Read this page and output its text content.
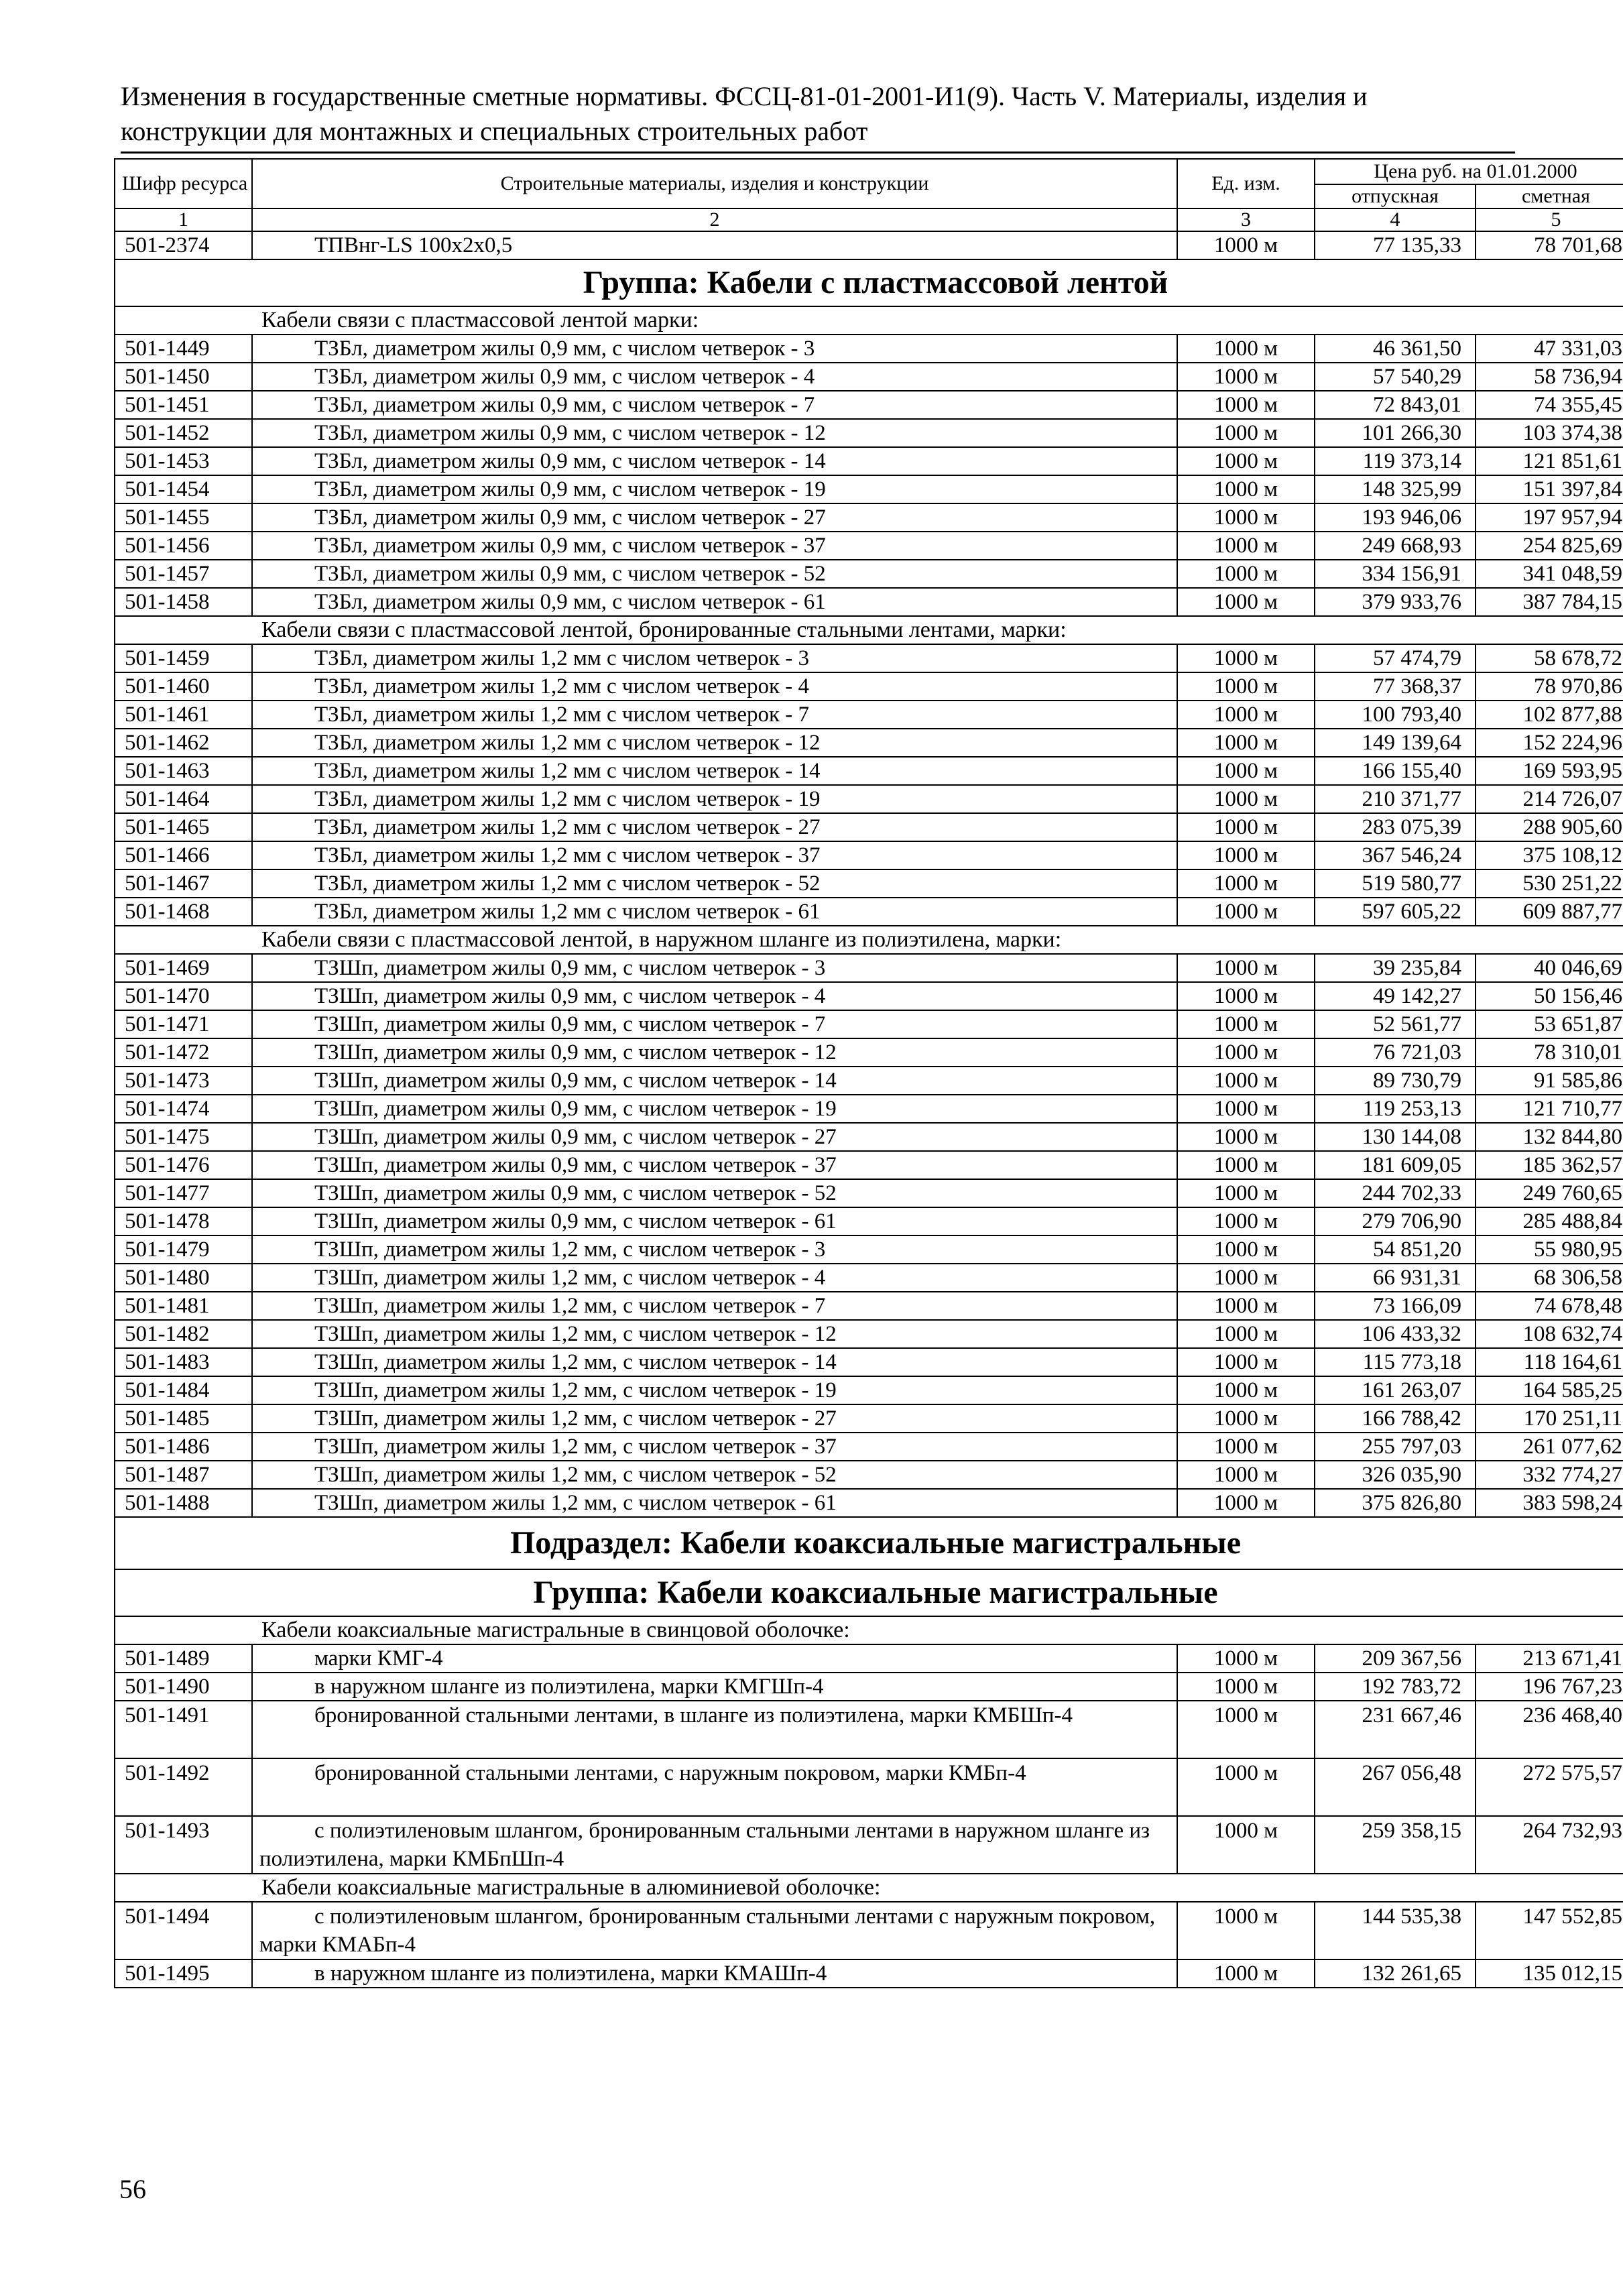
Изменения в государственные сметные нормативы. ФССЦ-81-01-2001-И1(9). Часть V. Материалы, изделия и
конструкции для монтажных и специальных строительных работ
Шифр ресурса	Строительные материалы, изделия и конструкции	Ед. изм.	Цена руб. на 01.01.2000	
			отпускная	сметная
1	2	3	4	5
501-2374	ТПВнг-LS 100x2x0,5	1000 м	77 135,33	78 701,68
Группа: Кабели с пластмассовой лентой				
Кабели связи с пластмассовой лентой марки:				
501-1449	ТЗБл, диаметром жилы 0,9 мм, с числом четверок - 3	1000 м	46 361,50	47 331,03
501-1450	ТЗБл, диаметром жилы 0,9 мм, с числом четверок - 4	1000 м	57 540,29	58 736,94
501-1451	ТЗБл, диаметром жилы 0,9 мм, с числом четверок - 7	1000 м	72 843,01	74 355,45
501-1452	ТЗБл, диаметром жилы 0,9 мм, с числом четверок - 12	1000 м	101 266,30	103 374,38
501-1453	ТЗБл, диаметром жилы 0,9 мм, с числом четверок - 14	1000 м	119 373,14	121 851,61
501-1454	ТЗБл, диаметром жилы 0,9 мм, с числом четверок - 19	1000 м	148 325,99	151 397,84
501-1455	ТЗБл, диаметром жилы 0,9 мм, с числом четверок - 27	1000 м	193 946,06	197 957,94
501-1456	ТЗБл, диаметром жилы 0,9 мм, с числом четверок - 37	1000 м	249 668,93	254 825,69
501-1457	ТЗБл, диаметром жилы 0,9 мм, с числом четверок - 52	1000 м	334 156,91	341 048,59
501-1458	ТЗБл, диаметром жилы 0,9 мм, с числом четверок - 61	1000 м	379 933,76	387 784,15
Кабели связи с пластмассовой лентой, бронированные стальными лентами, марки:				
501-1459	ТЗБл, диаметром жилы 1,2 мм с числом четверок - 3	1000 м	57 474,79	58 678,72
501-1460	ТЗБл, диаметром жилы 1,2 мм с числом четверок - 4	1000 м	77 368,37	78 970,86
501-1461	ТЗБл, диаметром жилы 1,2 мм с числом четверок - 7	1000 м	100 793,40	102 877,88
501-1462	ТЗБл, диаметром жилы 1,2 мм с числом четверок - 12	1000 м	149 139,64	152 224,96
501-1463	ТЗБл, диаметром жилы 1,2 мм с числом четверок - 14	1000 м	166 155,40	169 593,95
501-1464	ТЗБл, диаметром жилы 1,2 мм с числом четверок - 19	1000 м	210 371,77	214 726,07
501-1465	ТЗБл, диаметром жилы 1,2 мм с числом четверок - 27	1000 м	283 075,39	288 905,60
501-1466	ТЗБл, диаметром жилы 1,2 мм с числом четверок - 37	1000 м	367 546,24	375 108,12
501-1467	ТЗБл, диаметром жилы 1,2 мм с числом четверок - 52	1000 м	519 580,77	530 251,22
501-1468	ТЗБл, диаметром жилы 1,2 мм с числом четверок - 61	1000 м	597 605,22	609 887,77
Кабели связи с пластмассовой лентой, в наружном шланге из полиэтилена, марки:				
501-1469	ТЗШп, диаметром жилы 0,9 мм, с числом четверок - 3	1000 м	39 235,84	40 046,69
501-1470	ТЗШп, диаметром жилы 0,9 мм, с числом четверок - 4	1000 м	49 142,27	50 156,46
501-1471	ТЗШп, диаметром жилы 0,9 мм, с числом четверок - 7	1000 м	52 561,77	53 651,87
501-1472	ТЗШп, диаметром жилы 0,9 мм, с числом четверок - 12	1000 м	76 721,03	78 310,01
501-1473	ТЗШп, диаметром жилы 0,9 мм, с числом четверок - 14	1000 м	89 730,79	91 585,86
501-1474	ТЗШп, диаметром жилы 0,9 мм, с числом четверок - 19	1000 м	119 253,13	121 710,77
501-1475	ТЗШп, диаметром жилы 0,9 мм, с числом четверок - 27	1000 м	130 144,08	132 844,80
501-1476	ТЗШп, диаметром жилы 0,9 мм, с числом четверок - 37	1000 м	181 609,05	185 362,57
501-1477	ТЗШп, диаметром жилы 0,9 мм, с числом четверок - 52	1000 м	244 702,33	249 760,65
501-1478	ТЗШп, диаметром жилы 0,9 мм, с числом четверок - 61	1000 м	279 706,90	285 488,84
501-1479	ТЗШп, диаметром жилы 1,2 мм, с числом четверок - 3	1000 м	54 851,20	55 980,95
501-1480	ТЗШп, диаметром жилы 1,2 мм, с числом четверок - 4	1000 м	66 931,31	68 306,58
501-1481	ТЗШп, диаметром жилы 1,2 мм, с числом четверок - 7	1000 м	73 166,09	74 678,48
501-1482	ТЗШп, диаметром жилы 1,2 мм, с числом четверок - 12	1000 м	106 433,32	108 632,74
501-1483	ТЗШп, диаметром жилы 1,2 мм, с числом четверок - 14	1000 м	115 773,18	118 164,61
501-1484	ТЗШп, диаметром жилы 1,2 мм, с числом четверок - 19	1000 м	161 263,07	164 585,25
501-1485	ТЗШп, диаметром жилы 1,2 мм, с числом четверок - 27	1000 м	166 788,42	170 251,11
501-1486	ТЗШп, диаметром жилы 1,2 мм, с числом четверок - 37	1000 м	255 797,03	261 077,62
501-1487	ТЗШп, диаметром жилы 1,2 мм, с числом четверок - 52	1000 м	326 035,90	332 774,27
501-1488	ТЗШп, диаметром жилы 1,2 мм, с числом четверок - 61	1000 м	375 826,80	383 598,24
Подраздел: Кабели коаксиальные магистральные				
Группа: Кабели коаксиальные магистральные				
Кабели коаксиальные магистральные в свинцовой оболочке:				
501-1489	марки КМГ-4	1000 м	209 367,56	213 671,41
501-1490	в наружном шланге из полиэтилена, марки КМГШп-4	1000 м	192 783,72	196 767,23
501-1491	бронированной стальными лентами, в шланге из полиэтилена, марки КМБШп-4	1000 м	231 667,46	236 468,40
501-1492	бронированной стальными лентами, с наружным покровом, марки КМБп-4	1000 м	267 056,48	272 575,57
501-1493	с полиэтиленовым шлангом, бронированным стальными лентами в наружном шланге из полиэтилена, марки КМБпШп-4	1000 м	259 358,15	264 732,93
Кабели коаксиальные магистральные в алюминиевой оболочке:				
501-1494	с полиэтиленовым шлангом, бронированным стальными лентами с наружным покровом, марки КМАБп-4	1000 м	144 535,38	147 552,85
501-1495	в наружном шланге из полиэтилена, марки КМАШп-4	1000 м	132 261,65	135 012,15
56
